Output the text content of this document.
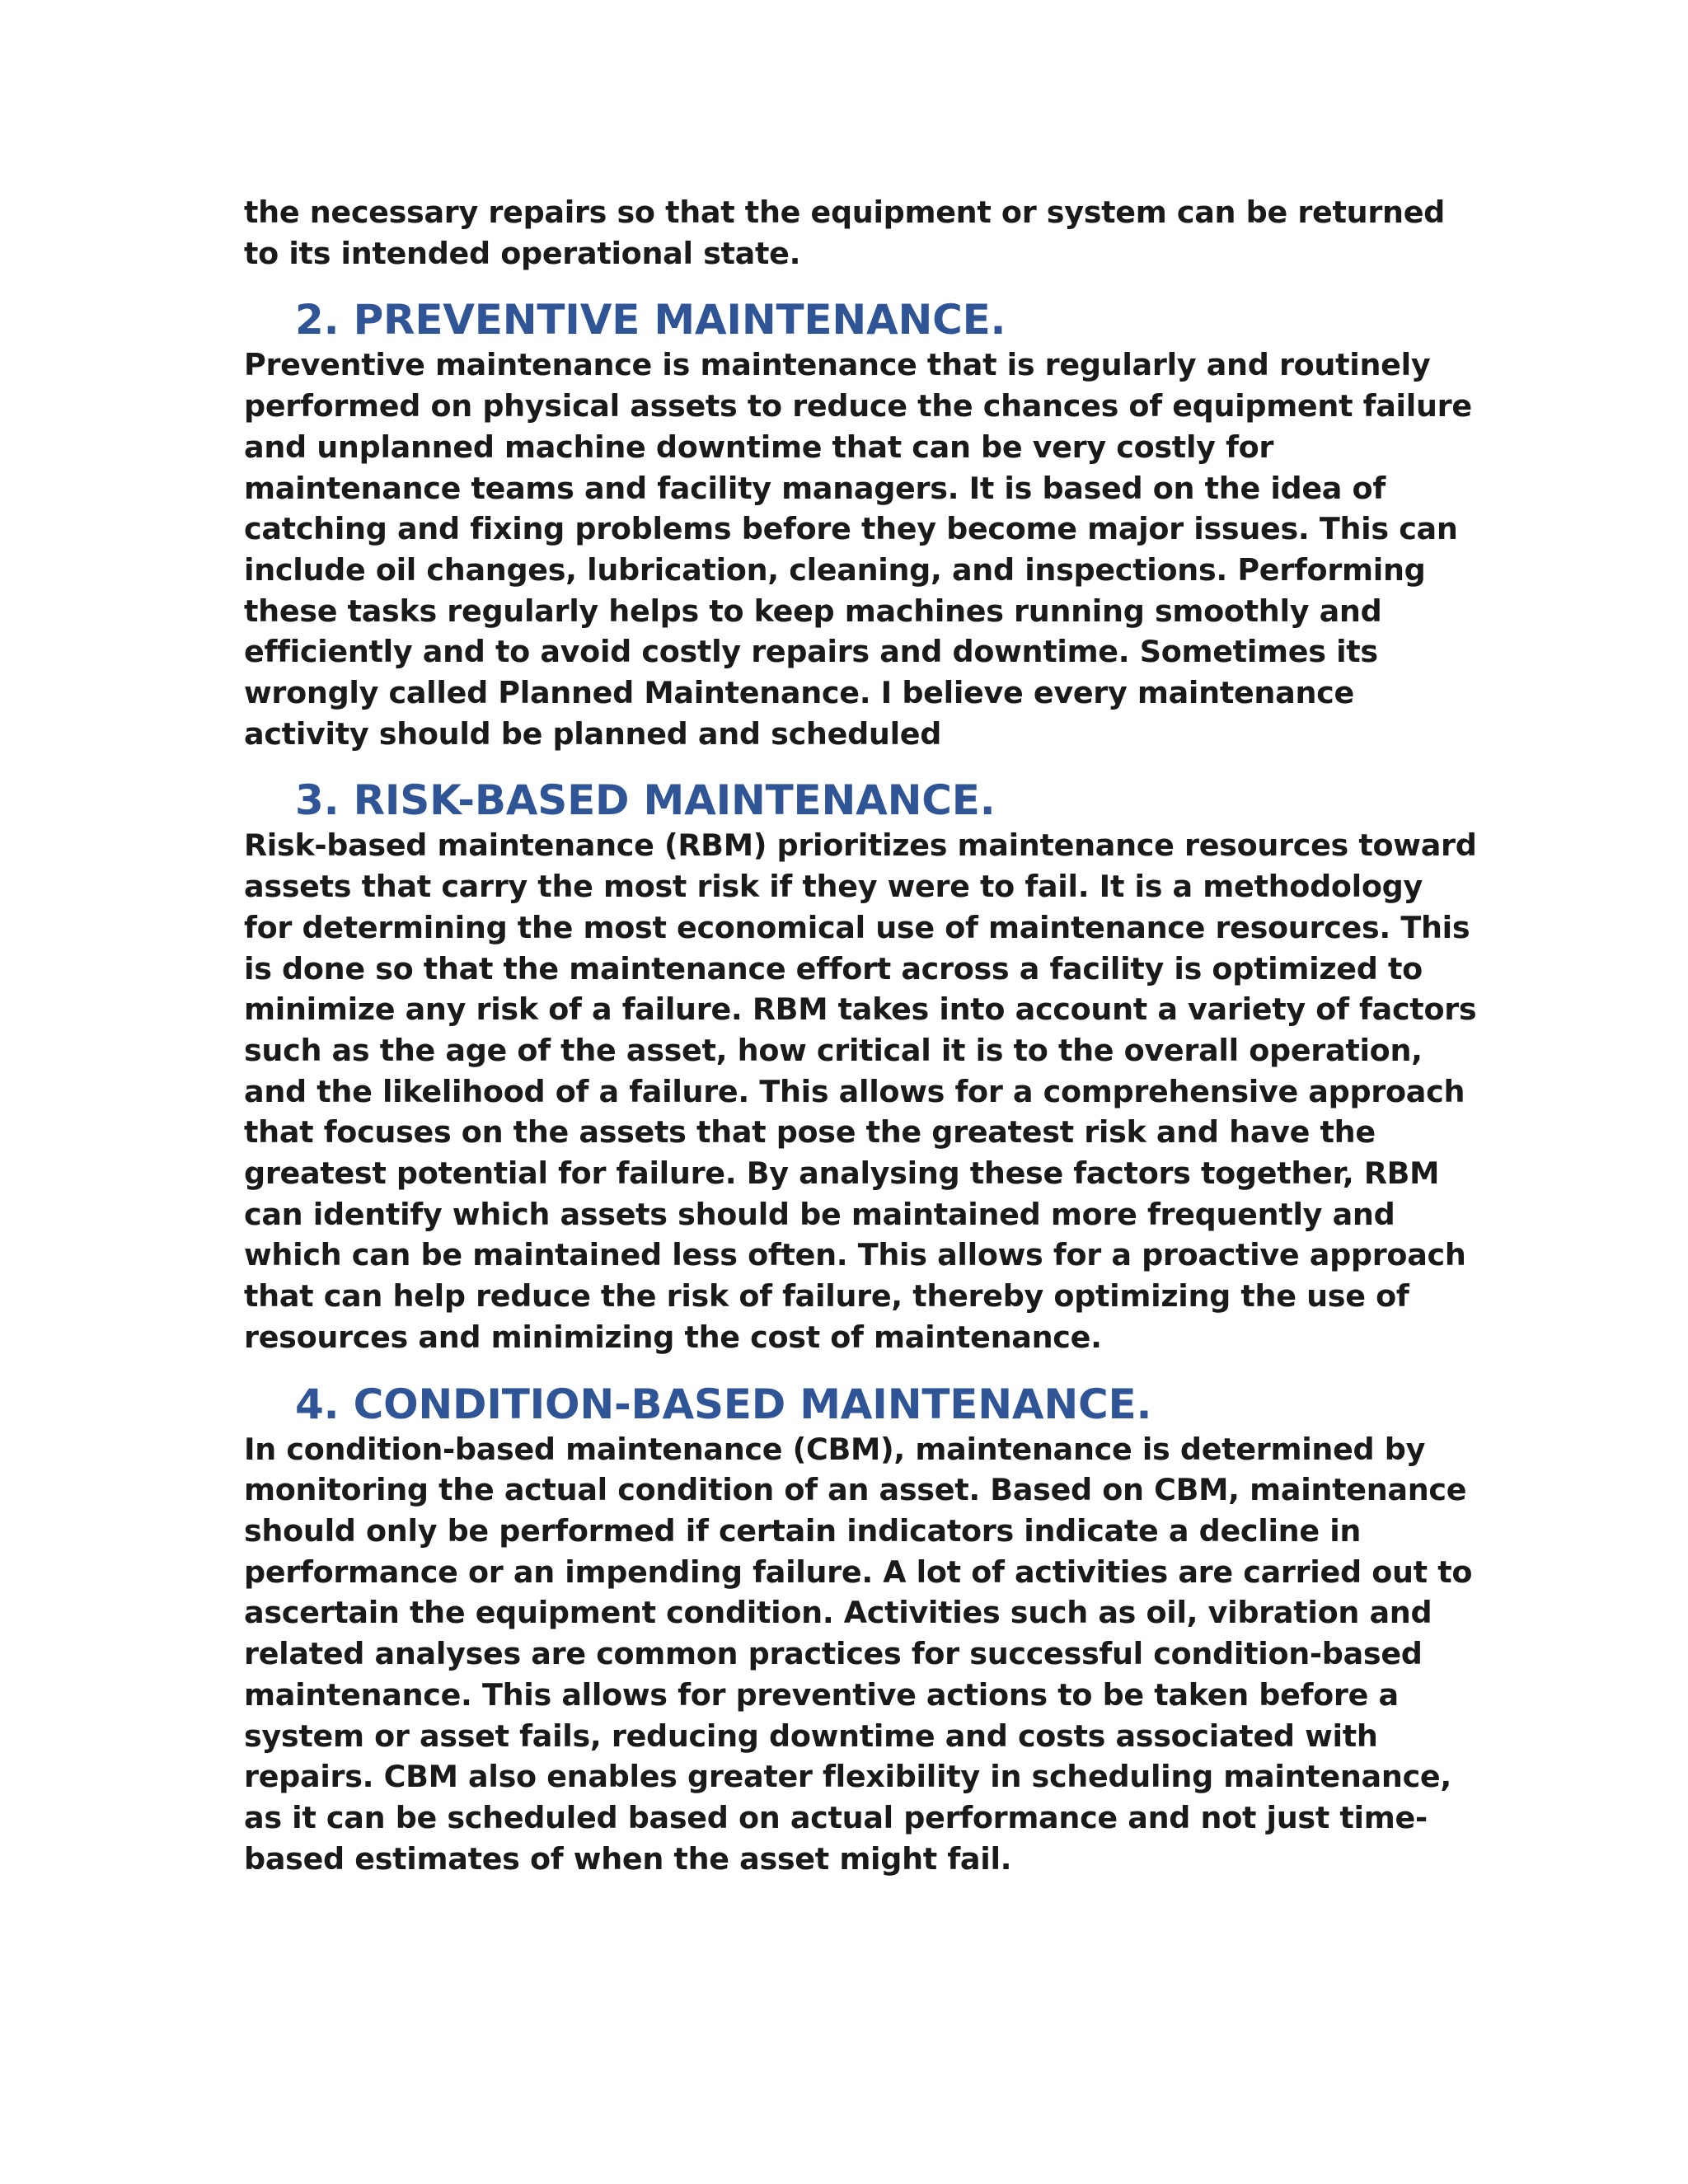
the necessary repairs so that the equipment or system can be returned to its intended operational state.

2. PREVENTIVE MAINTENANCE.

Preventive maintenance is maintenance that is regularly and routinely performed on physical assets to reduce the chances of equipment failure and unplanned machine downtime that can be very costly for maintenance teams and facility managers. It is based on the idea of catching and fixing problems before they become major issues. This can include oil changes, lubrication, cleaning, and inspections. Performing these tasks regularly helps to keep machines running smoothly and efficiently and to avoid costly repairs and downtime. Sometimes its wrongly called Planned Maintenance. I believe every maintenance activity should be planned and scheduled

3. RISK-BASED MAINTENANCE.

Risk-based maintenance (RBM) prioritizes maintenance resources toward assets that carry the most risk if they were to fail. It is a methodology for determining the most economical use of maintenance resources. This is done so that the maintenance effort across a facility is optimized to minimize any risk of a failure. RBM takes into account a variety of factors such as the age of the asset, how critical it is to the overall operation, and the likelihood of a failure. This allows for a comprehensive approach that focuses on the assets that pose the greatest risk and have the greatest potential for failure. By analysing these factors together, RBM can identify which assets should be maintained more frequently and which can be maintained less often. This allows for a proactive approach that can help reduce the risk of failure, thereby optimizing the use of resources and minimizing the cost of maintenance.

4. CONDITION-BASED MAINTENANCE.

In condition-based maintenance (CBM), maintenance is determined by monitoring the actual condition of an asset. Based on CBM, maintenance should only be performed if certain indicators indicate a decline in performance or an impending failure. A lot of activities are carried out to ascertain the equipment condition. Activities such as oil, vibration and related analyses are common practices for successful condition-based maintenance. This allows for preventive actions to be taken before a system or asset fails, reducing downtime and costs associated with repairs. CBM also enables greater flexibility in scheduling maintenance, as it can be scheduled based on actual performance and not just time-based estimates of when the asset might fail.
